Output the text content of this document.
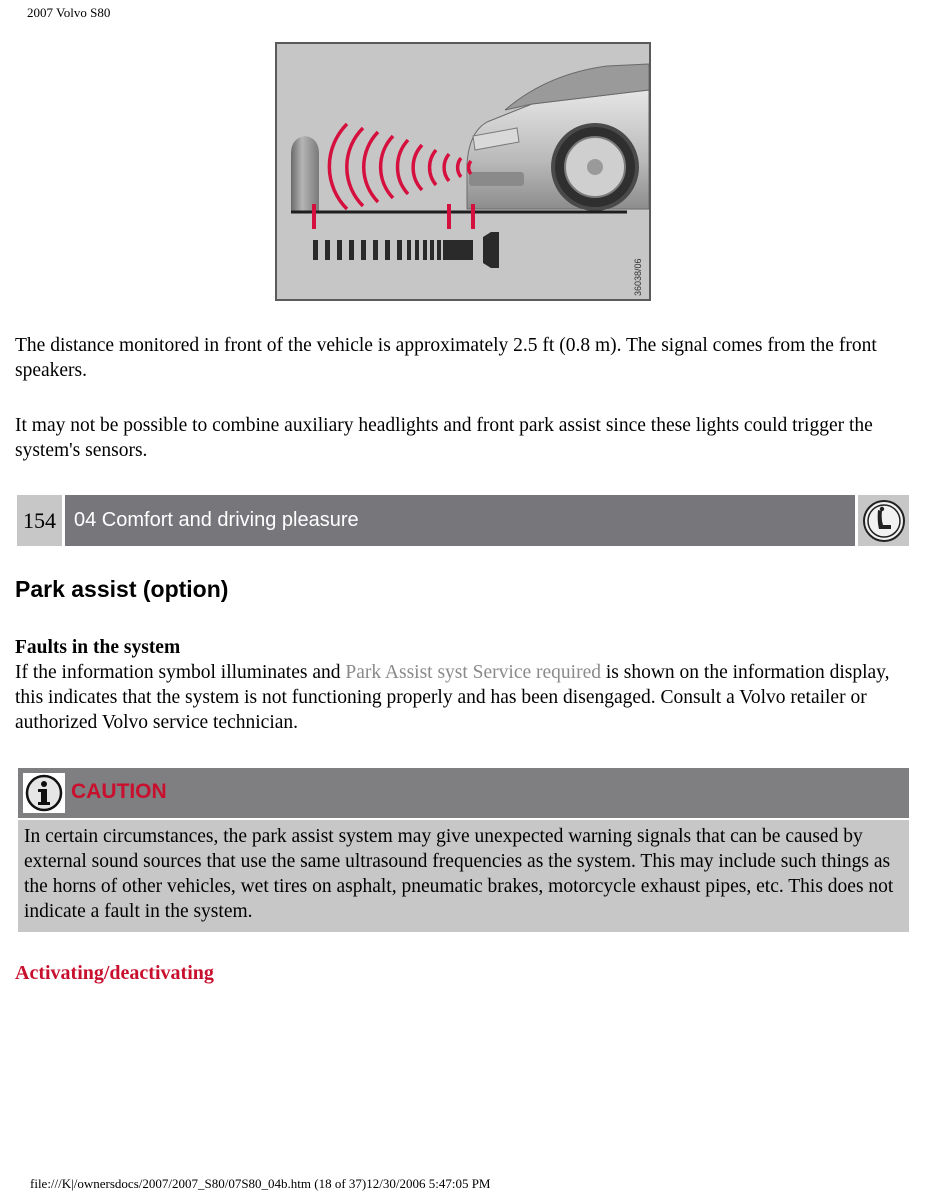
2007 Volvo S80
36038/06

The distance monitored in front of the vehicle is approximately 2.5 ft (0.8 m). The signal comes from the front speakers.

It may not be possible to combine auxiliary headlights and front park assist since these lights could trigger the system's sensors.

154 04 Comfort and driving pleasure
Park assist (option)
Faults in the system
If the information symbol illuminates and Park Assist syst Service required is shown on the information display, this indicates that the system is not functioning properly and has been disengaged. Consult a Volvo retailer or authorized Volvo service technician.
CAUTION
In certain circumstances, the park assist system may give unexpected warning signals that can be caused by external sound sources that use the same ultrasound frequencies as the system. This may include such things as the horns of other vehicles, wet tires on asphalt, pneumatic brakes, motorcycle exhaust pipes, etc. This does not indicate a fault in the system.
Activating/deactivating
file:///K|/ownersdocs/2007/2007_S80/07S80_04b.htm (18 of 37)12/30/2006 5:47:05 PM
